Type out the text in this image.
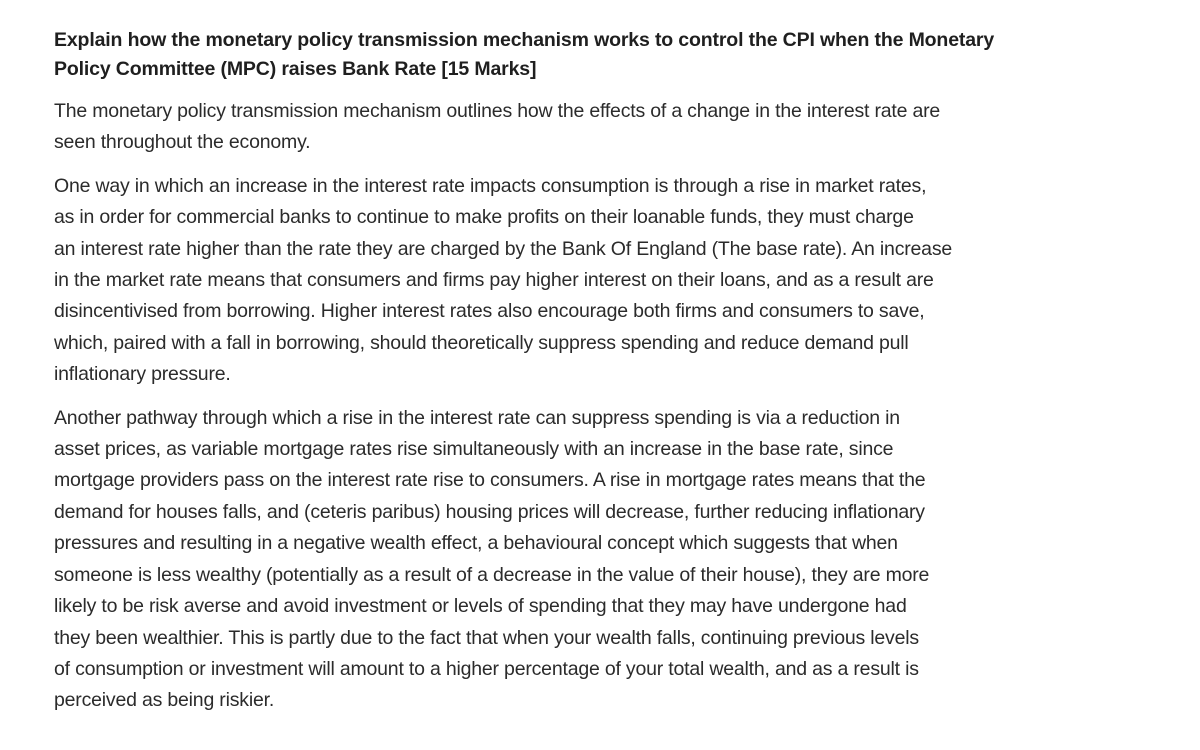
Explain how the monetary policy transmission mechanism works to control the CPI when the Monetary
Policy Committee (MPC) raises Bank Rate [15 Marks]
The monetary policy transmission mechanism outlines how the effects of a change in the interest rate are
seen throughout the economy.
One way in which an increase in the interest rate impacts consumption is through a rise in market rates,
as in order for commercial banks to continue to make profits on their loanable funds, they must charge
an interest rate higher than the rate they are charged by the Bank Of England (The base rate). An increase
in the market rate means that consumers and firms pay higher interest on their loans, and as a result are
disincentivised from borrowing. Higher interest rates also encourage both firms and consumers to save,
which, paired with a fall in borrowing, should theoretically suppress spending and reduce demand pull
inflationary pressure.
Another pathway through which a rise in the interest rate can suppress spending is via a reduction in
asset prices, as variable mortgage rates rise simultaneously with an increase in the base rate, since
mortgage providers pass on the interest rate rise to consumers. A rise in mortgage rates means that the
demand for houses falls, and (ceteris paribus) housing prices will decrease, further reducing inflationary
pressures and resulting in a negative wealth effect, a behavioural concept which suggests that when
someone is less wealthy (potentially as a result of a decrease in the value of their house), they are more
likely to be risk averse and avoid investment or levels of spending that they may have undergone had
they been wealthier. This is partly due to the fact that when your wealth falls, continuing previous levels
of consumption or investment will amount to a higher percentage of your total wealth, and as a result is
perceived as being riskier.
